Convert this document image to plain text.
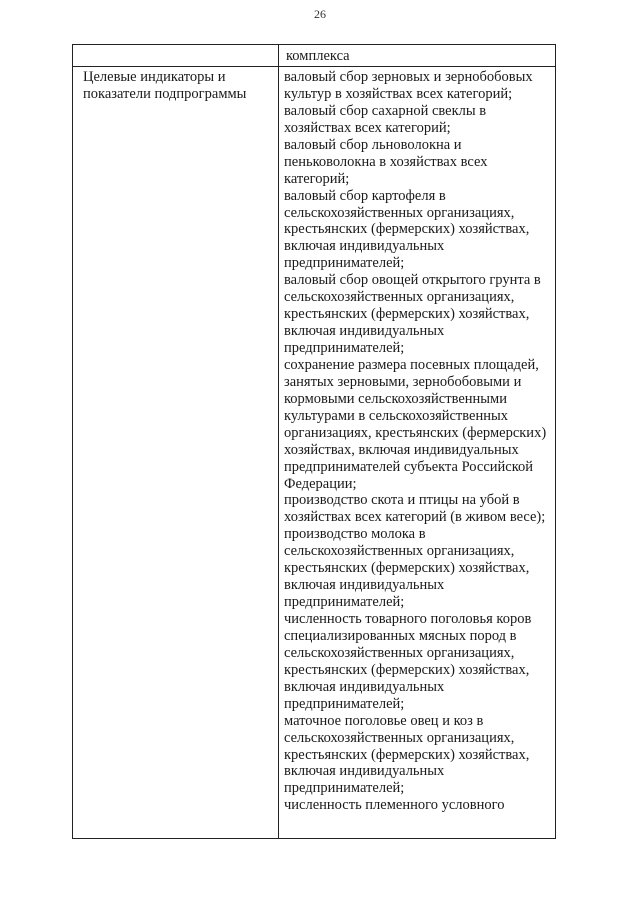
26
комплекса
Целевые индикаторы и
показатели подпрограммы
валовый сбор зерновых и зернобобовых
культур в хозяйствах всех категорий;
валовый сбор сахарной свеклы в
хозяйствах всех категорий;
валовый сбор льноволокна и
пеньковолокна в хозяйствах всех
категорий;
валовый сбор картофеля в
сельскохозяйственных организациях,
крестьянских (фермерских) хозяйствах,
включая индивидуальных
предпринимателей;
валовый сбор овощей открытого грунта в
сельскохозяйственных организациях,
крестьянских (фермерских) хозяйствах,
включая индивидуальных
предпринимателей;
сохранение размера посевных площадей,
занятых зерновыми, зернобобовыми и
кормовыми сельскохозяйственными
культурами в сельскохозяйственных
организациях, крестьянских (фермерских)
хозяйствах, включая индивидуальных
предпринимателей субъекта Российской
Федерации;
производство скота и птицы на убой в
хозяйствах всех категорий (в живом весе);
производство молока в
сельскохозяйственных организациях,
крестьянских (фермерских) хозяйствах,
включая индивидуальных
предпринимателей;
численность товарного поголовья коров
специализированных мясных пород в
сельскохозяйственных организациях,
крестьянских (фермерских) хозяйствах,
включая индивидуальных
предпринимателей;
маточное поголовье овец и коз в
сельскохозяйственных организациях,
крестьянских (фермерских) хозяйствах,
включая индивидуальных
предпринимателей;
численность племенного условного
